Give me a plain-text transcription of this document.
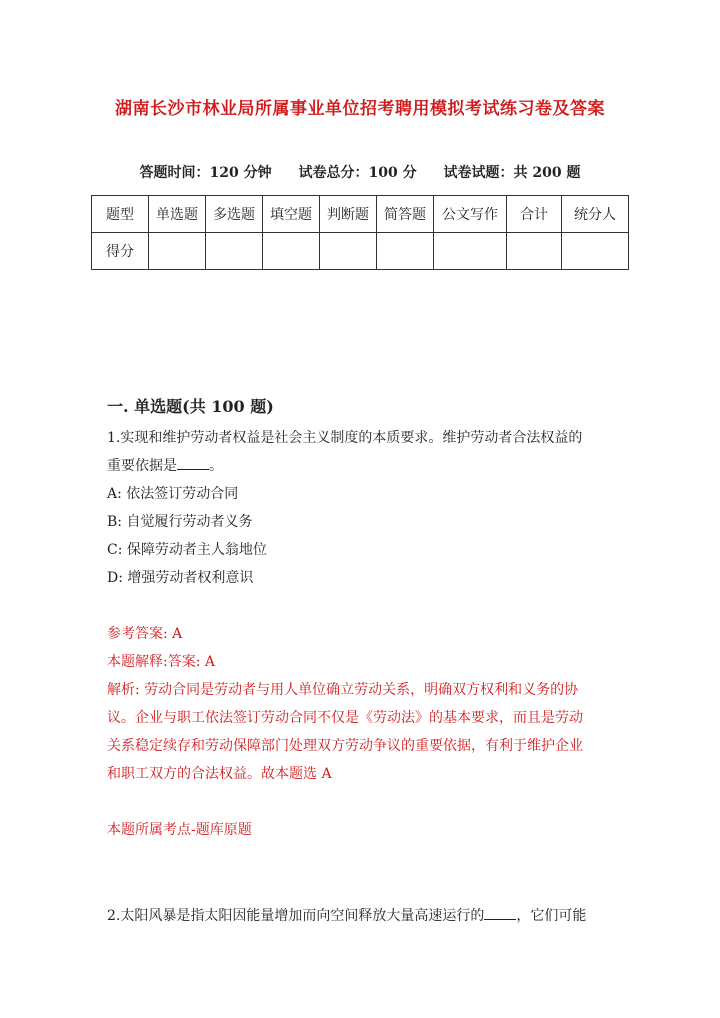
湖南长沙市林业局所属事业单位招考聘用模拟考试练习卷及答案
答题时间：120 分钟 试卷总分：100 分 试卷试题：共 200 题
题型	单选题	多选题	填空题	判断题	简答题	公文写作	合计	统分人
得分								
一. 单选题(共 100 题)
1.实现和维护劳动者权益是社会主义制度的本质要求。维护劳动者合法权益的
重要依据是 。
A: 依法签订劳动合同
B: 自觉履行劳动者义务
C: 保障劳动者主人翁地位
D: 增强劳动者权利意识
参考答案: A
本题解释:答案: A
解析: 劳动合同是劳动者与用人单位确立劳动关系，明确双方权利和义务的协
议。企业与职工依法签订劳动合同不仅是《劳动法》的基本要求，而且是劳动
关系稳定续存和劳动保障部门处理双方劳动争议的重要依据，有利于维护企业
和职工双方的合法权益。故本题选 A
本题所属考点-题库原题
2.太阳风暴是指太阳因能量增加而向空间释放大量高速运行的 ，它们可能
